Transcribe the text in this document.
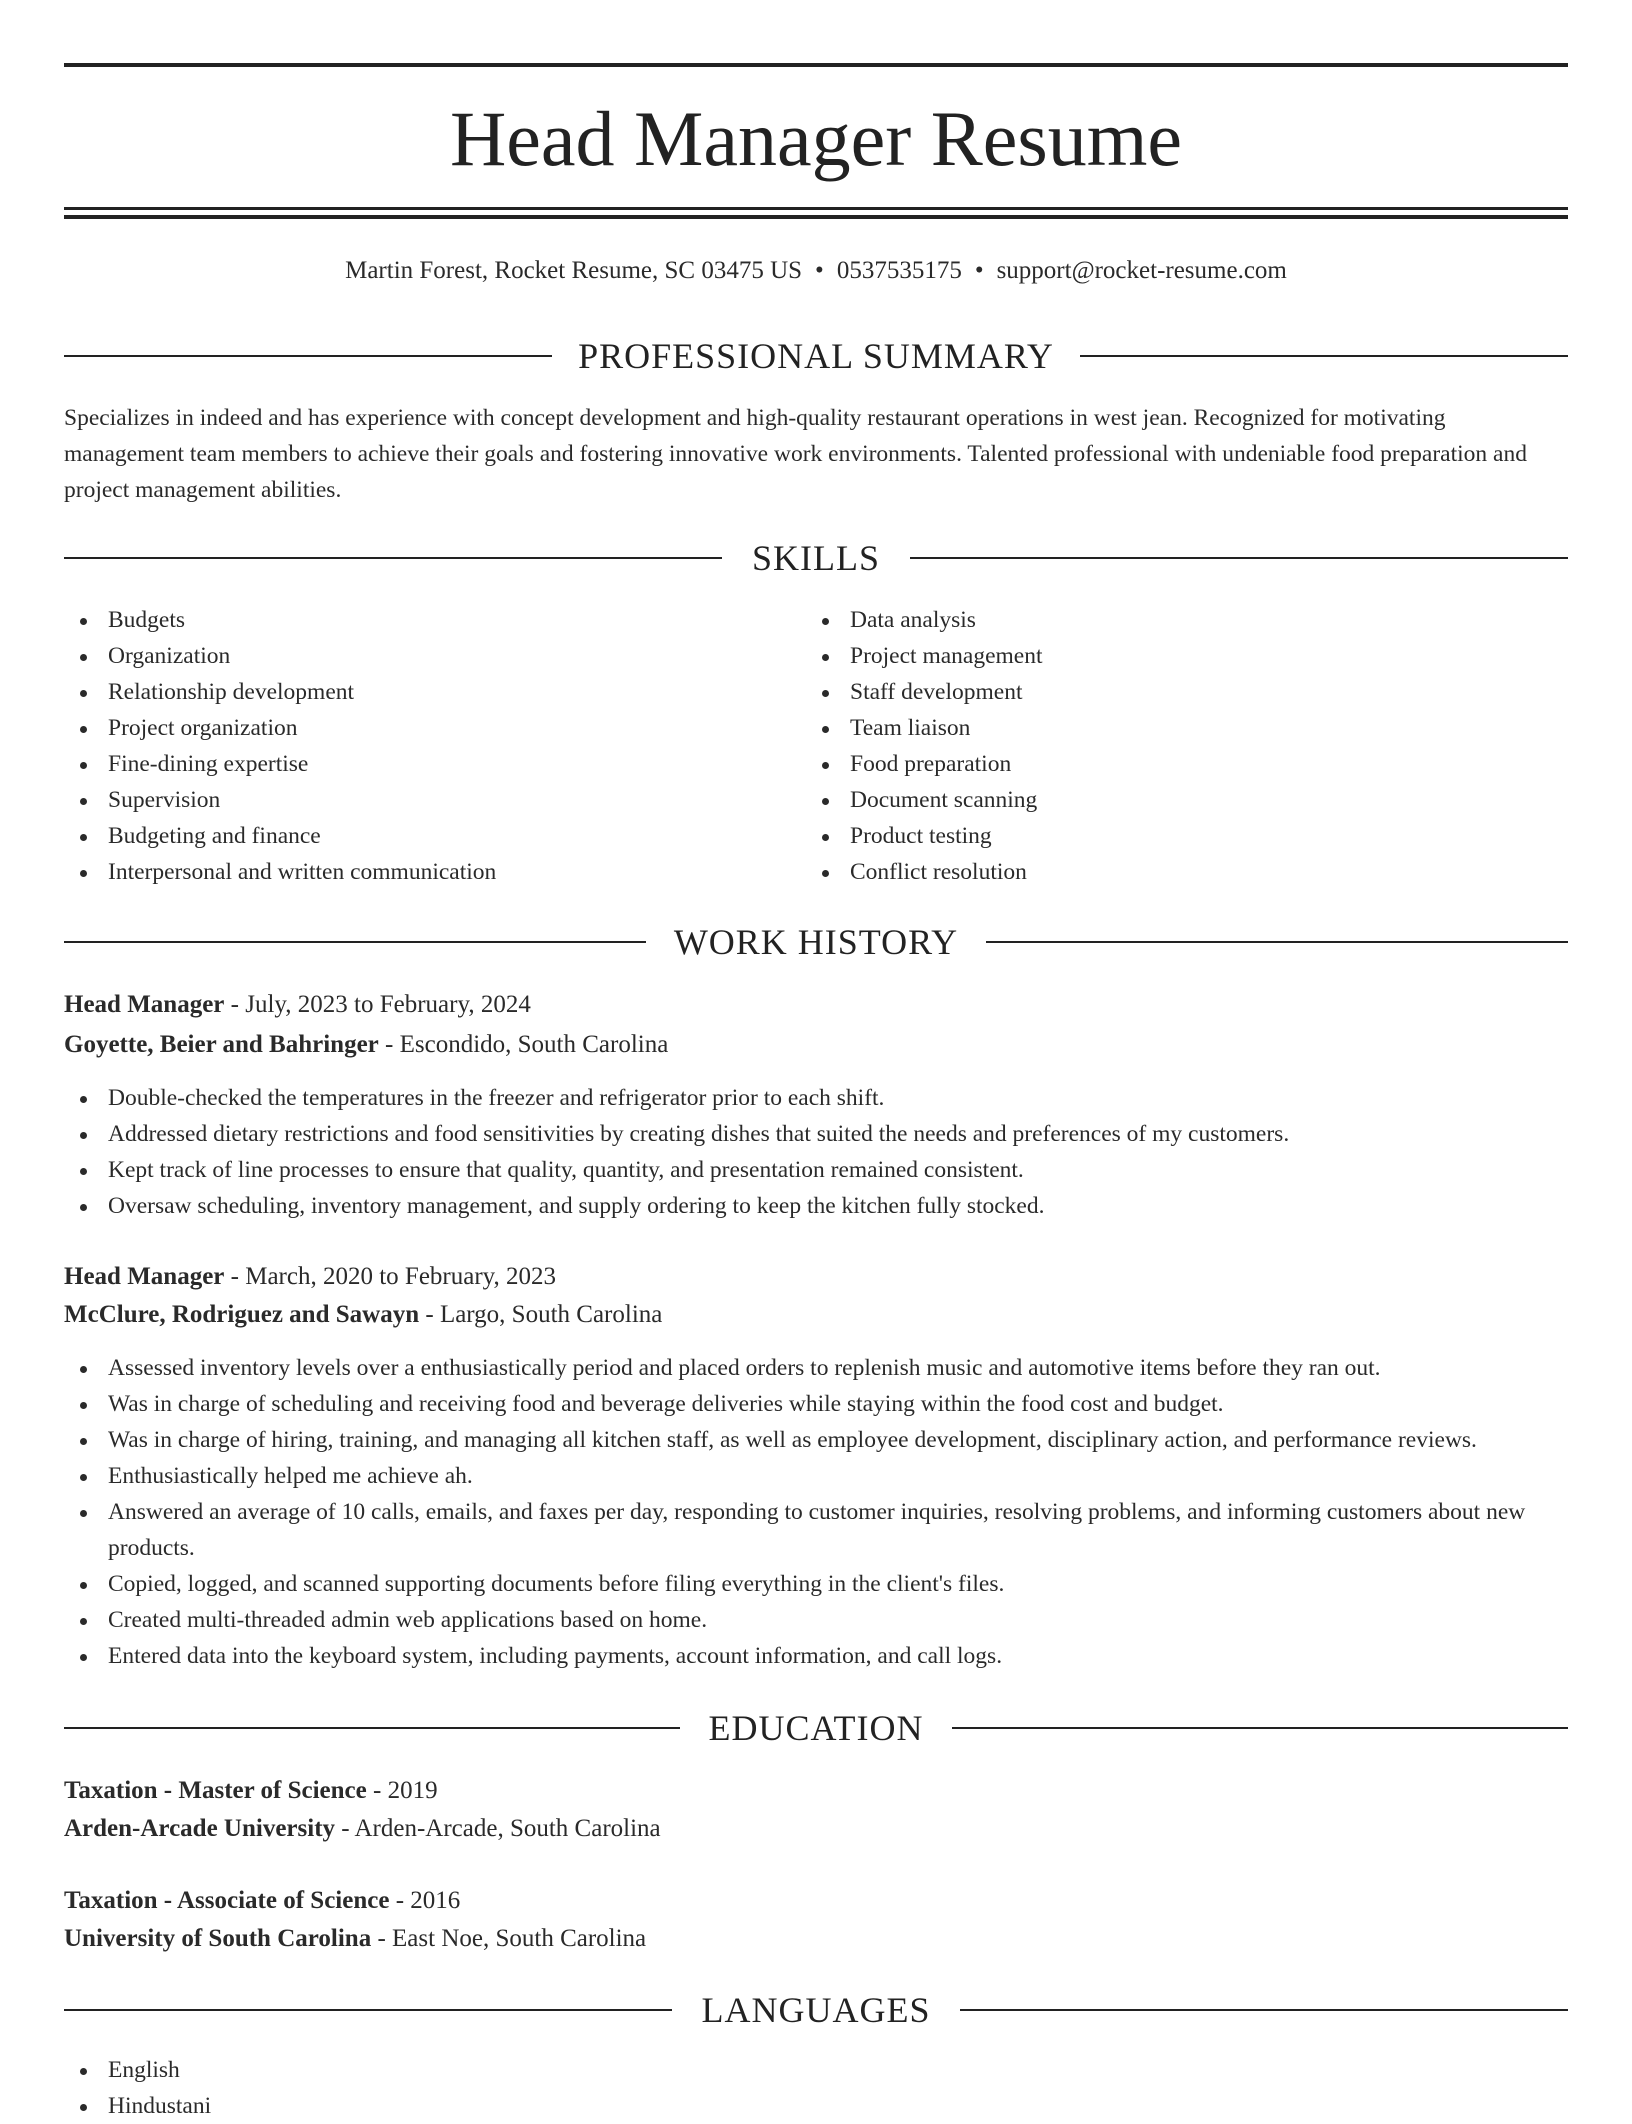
Head Manager Resume
Martin Forest, Rocket Resume, SC 03475 US • 0537535175 • support@rocket-resume.com
PROFESSIONAL SUMMARY
Specializes in indeed and has experience with concept development and high-quality restaurant operations in west jean. Recognized for motivating management team members to achieve their goals and fostering innovative work environments. Talented professional with undeniable food preparation and project management abilities.
SKILLS
Budgets
Organization
Relationship development
Project organization
Fine-dining expertise
Supervision
Budgeting and finance
Interpersonal and written communication
Data analysis
Project management
Staff development
Team liaison
Food preparation
Document scanning
Product testing
Conflict resolution
WORK HISTORY
Head Manager - July, 2023 to February, 2024
Goyette, Beier and Bahringer - Escondido, South Carolina
Double-checked the temperatures in the freezer and refrigerator prior to each shift.
Addressed dietary restrictions and food sensitivities by creating dishes that suited the needs and preferences of my customers.
Kept track of line processes to ensure that quality, quantity, and presentation remained consistent.
Oversaw scheduling, inventory management, and supply ordering to keep the kitchen fully stocked.
Head Manager - March, 2020 to February, 2023
McClure, Rodriguez and Sawayn - Largo, South Carolina
Assessed inventory levels over a enthusiastically period and placed orders to replenish music and automotive items before they ran out.
Was in charge of scheduling and receiving food and beverage deliveries while staying within the food cost and budget.
Was in charge of hiring, training, and managing all kitchen staff, as well as employee development, disciplinary action, and performance reviews.
Enthusiastically helped me achieve ah.
Answered an average of 10 calls, emails, and faxes per day, responding to customer inquiries, resolving problems, and informing customers about new products.
Copied, logged, and scanned supporting documents before filing everything in the client's files.
Created multi-threaded admin web applications based on home.
Entered data into the keyboard system, including payments, account information, and call logs.
EDUCATION
Taxation - Master of Science - 2019
Arden-Arcade University - Arden-Arcade, South Carolina
Taxation - Associate of Science - 2016
University of South Carolina - East Noe, South Carolina
LANGUAGES
English
Hindustani
